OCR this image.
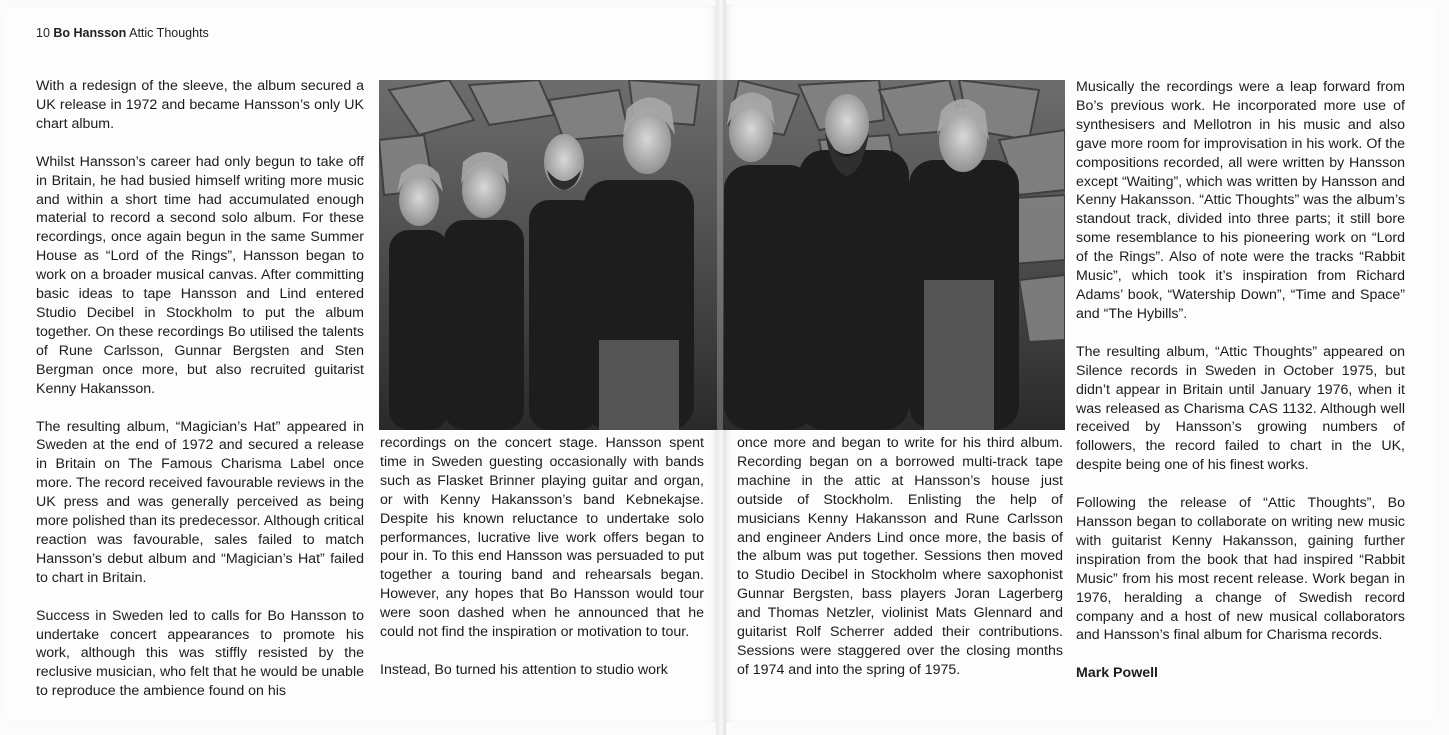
10 Bo Hansson Attic Thoughts

With a redesign of the sleeve, the album secured a UK release in 1972 and became Hansson’s only UK chart album.

Whilst Hansson’s career had only begun to take off in Britain, he had busied himself writing more music and within a short time had accumulated enough material to record a second solo album. For these recordings, once again begun in the same Summer House as “Lord of the Rings”, Hansson began to work on a broader musical canvas. After committing basic ideas to tape Hansson and Lind entered Studio Decibel in Stockholm to put the album together. On these recordings Bo utilised the talents of Rune Carlsson, Gunnar Bergsten and Sten Bergman once more, but also recruited guitarist Kenny Hakansson.

The resulting album, “Magician’s Hat” appeared in Sweden at the end of 1972 and secured a release in Britain on The Famous Charisma Label once more. The record received favourable reviews in the UK press and was generally perceived as being more polished than its predecessor. Although critical reaction was favourable, sales failed to match Hansson’s debut album and “Magician’s Hat” failed to chart in Britain.

Success in Sweden led to calls for Bo Hansson to undertake concert appearances to promote his work, although this was stiffly resisted by the reclusive musician, who felt that he would be unable to reproduce the ambience found on his

recordings on the concert stage. Hansson spent time in Sweden guesting occasionally with bands such as Flasket Brinner playing guitar and organ, or with Kenny Hakansson’s band Kebnekajse. Despite his known reluctance to undertake solo performances, lucrative live work offers began to pour in. To this end Hansson was persuaded to put together a touring band and rehearsals began. However, any hopes that Bo Hansson would tour were soon dashed when he announced that he could not find the inspiration or motivation to tour.

Instead, Bo turned his attention to studio work

once more and began to write for his third album. Recording began on a borrowed multi-track tape machine in the attic at Hansson’s house just outside of Stockholm. Enlisting the help of musicians Kenny Hakansson and Rune Carlsson and engineer Anders Lind once more, the basis of the album was put together. Sessions then moved to Studio Decibel in Stockholm where saxophonist Gunnar Bergsten, bass players Joran Lagerberg and Thomas Netzler, violinist Mats Glennard and guitarist Rolf Scherrer added their contributions. Sessions were staggered over the closing months of 1974 and into the spring of 1975.

Musically the recordings were a leap forward from Bo’s previous work. He incorporated more use of synthesisers and Mellotron in his music and also gave more room for improvisation in his work. Of the compositions recorded, all were written by Hansson except “Waiting”, which was written by Hansson and Kenny Hakansson. “Attic Thoughts” was the album’s standout track, divided into three parts; it still bore some resemblance to his pioneering work on “Lord of the Rings”. Also of note were the tracks “Rabbit Music”, which took it’s inspiration from Richard Adams’ book, “Watership Down”, “Time and Space” and “The Hybills”.

The resulting album, “Attic Thoughts” appeared on Silence records in Sweden in October 1975, but didn’t appear in Britain until January 1976, when it was released as Charisma CAS 1132. Although well received by Hansson’s growing numbers of followers, the record failed to chart in the UK, despite being one of his finest works.

Following the release of “Attic Thoughts”, Bo Hansson began to collaborate on writing new music with guitarist Kenny Hakansson, gaining further inspiration from the book that had inspired “Rabbit Music” from his most recent release. Work began in 1976, heralding a change of Swedish record company and a host of new musical collaborators and Hansson’s final album for Charisma records.

Mark Powell
